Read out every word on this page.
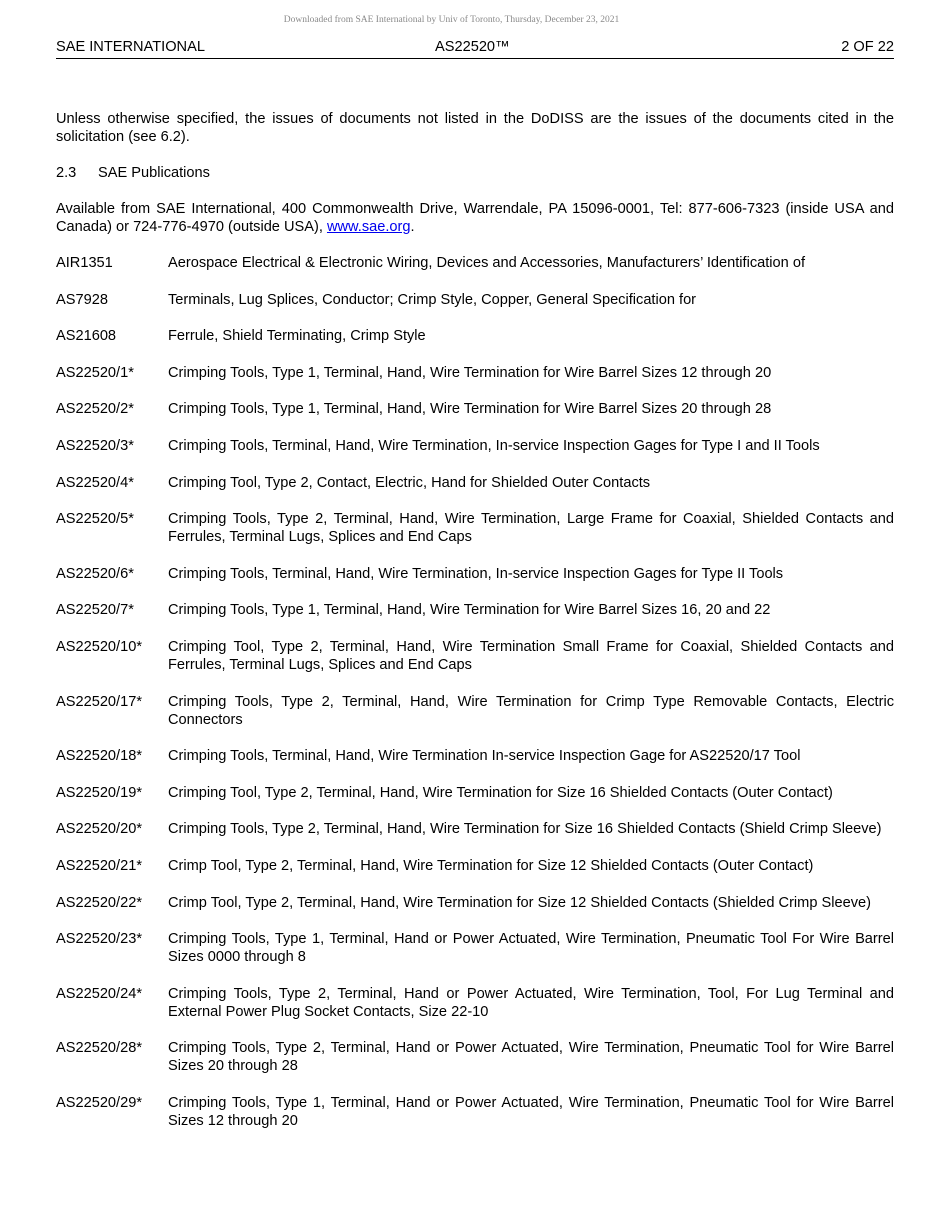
Downloaded from SAE International by Univ of Toronto, Thursday, December 23, 2021
SAE INTERNATIONAL	AS22520™	2 OF 22

Unless otherwise specified, the issues of documents not listed in the DoDISS are the issues of the documents cited in the solicitation (see 6.2).

2.3 SAE Publications

Available from SAE International, 400 Commonwealth Drive, Warrendale, PA 15096-0001, Tel: 877-606-7323 (inside USA and Canada) or 724-776-4970 (outside USA), www.sae.org.

AIR1351	Aerospace Electrical & Electronic Wiring, Devices and Accessories, Manufacturers’ Identification of
AS7928	Terminals, Lug Splices, Conductor; Crimp Style, Copper, General Specification for
AS21608	Ferrule, Shield Terminating, Crimp Style
AS22520/1*	Crimping Tools, Type 1, Terminal, Hand, Wire Termination for Wire Barrel Sizes 12 through 20
AS22520/2*	Crimping Tools, Type 1, Terminal, Hand, Wire Termination for Wire Barrel Sizes 20 through 28
AS22520/3*	Crimping Tools, Terminal, Hand, Wire Termination, In-service Inspection Gages for Type I and II Tools
AS22520/4*	Crimping Tool, Type 2, Contact, Electric, Hand for Shielded Outer Contacts
AS22520/5*	Crimping Tools, Type 2, Terminal, Hand, Wire Termination, Large Frame for Coaxial, Shielded Contacts and Ferrules, Terminal Lugs, Splices and End Caps
AS22520/6*	Crimping Tools, Terminal, Hand, Wire Termination, In-service Inspection Gages for Type II Tools
AS22520/7*	Crimping Tools, Type 1, Terminal, Hand, Wire Termination for Wire Barrel Sizes 16, 20 and 22
AS22520/10*	Crimping Tool, Type 2, Terminal, Hand, Wire Termination Small Frame for Coaxial, Shielded Contacts and Ferrules, Terminal Lugs, Splices and End Caps
AS22520/17*	Crimping Tools, Type 2, Terminal, Hand, Wire Termination for Crimp Type Removable Contacts, Electric Connectors
AS22520/18*	Crimping Tools, Terminal, Hand, Wire Termination In-service Inspection Gage for AS22520/17 Tool
AS22520/19*	Crimping Tool, Type 2, Terminal, Hand, Wire Termination for Size 16 Shielded Contacts (Outer Contact)
AS22520/20*	Crimping Tools, Type 2, Terminal, Hand, Wire Termination for Size 16 Shielded Contacts (Shield Crimp Sleeve)
AS22520/21*	Crimp Tool, Type 2, Terminal, Hand, Wire Termination for Size 12 Shielded Contacts (Outer Contact)
AS22520/22*	Crimp Tool, Type 2, Terminal, Hand, Wire Termination for Size 12 Shielded Contacts (Shielded Crimp Sleeve)
AS22520/23*	Crimping Tools, Type 1, Terminal, Hand or Power Actuated, Wire Termination, Pneumatic Tool For Wire Barrel Sizes 0000 through 8
AS22520/24*	Crimping Tools, Type 2, Terminal, Hand or Power Actuated, Wire Termination, Tool, For Lug Terminal and External Power Plug Socket Contacts, Size 22-10
AS22520/28*	Crimping Tools, Type 2, Terminal, Hand or Power Actuated, Wire Termination, Pneumatic Tool for Wire Barrel Sizes 20 through 28
AS22520/29*	Crimping Tools, Type 1, Terminal, Hand or Power Actuated, Wire Termination, Pneumatic Tool for Wire Barrel Sizes 12 through 20
